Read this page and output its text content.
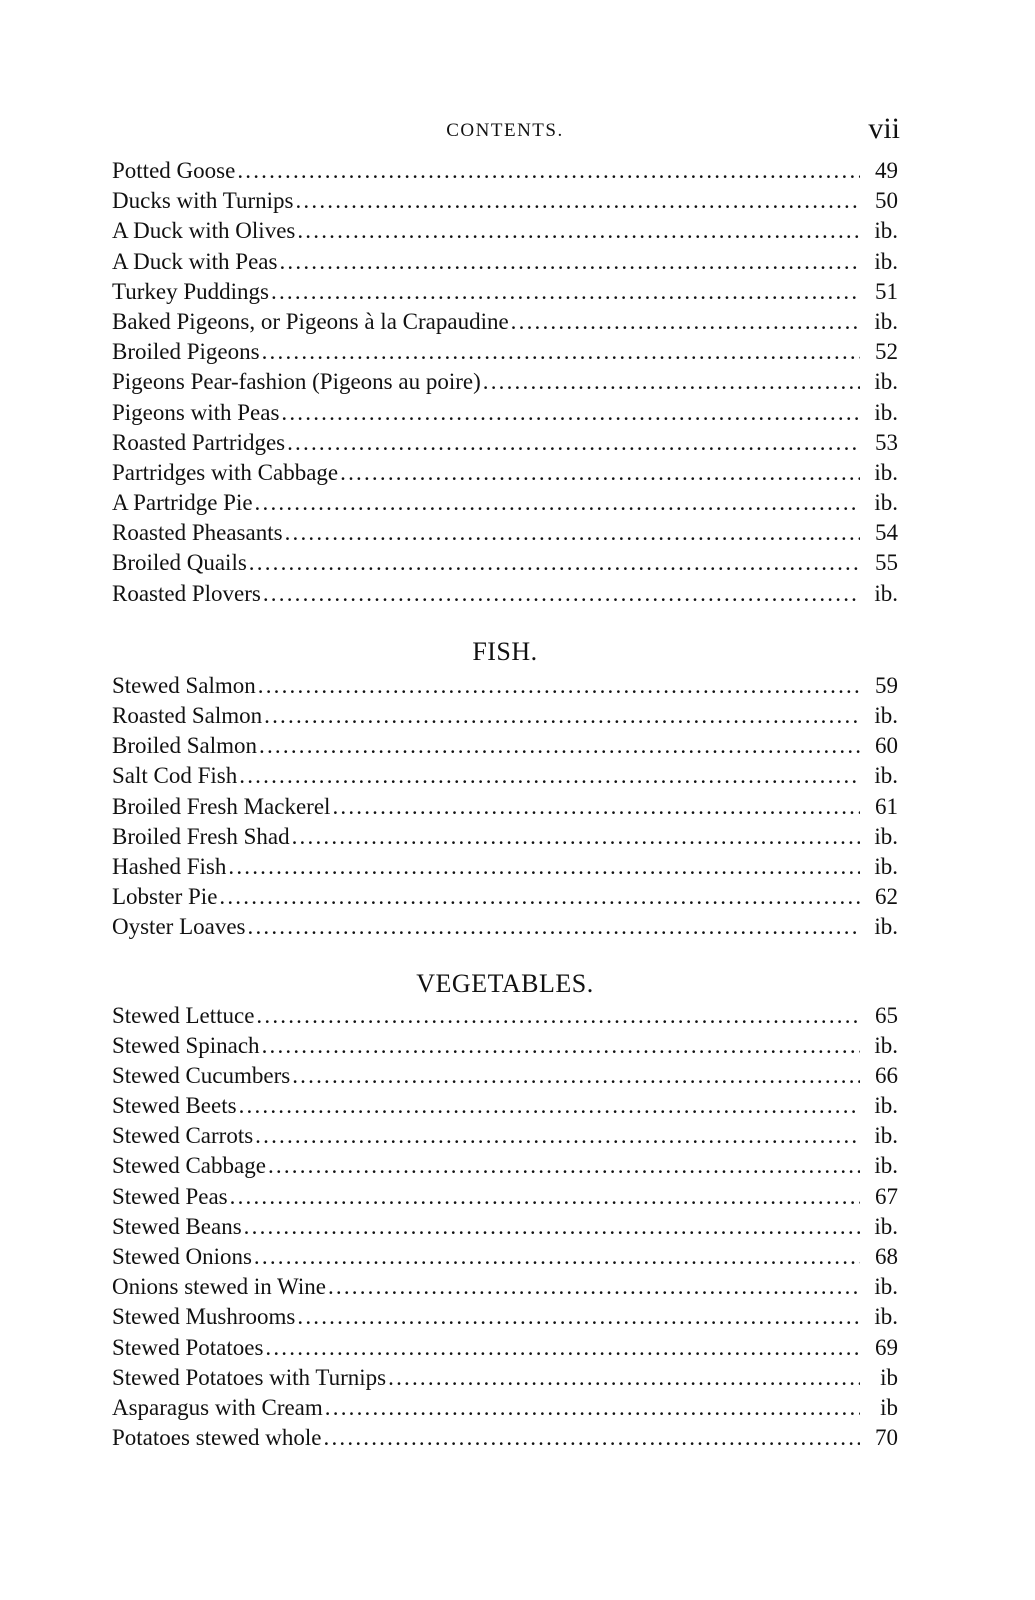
CONTENTS.	vii
Potted Goose .....	49
Ducks with Turnips .....	50
A Duck with Olives .....	ib.
A Duck with Peas .....	ib.
Turkey Puddings .....	51
Baked Pigeons, or Pigeons à la Crapaudine .....	ib.
Broiled Pigeons .....	52
Pigeons Pear-fashion (Pigeons au poire) .....	ib.
Pigeons with Peas .....	ib.
Roasted Partridges .....	53
Partridges with Cabbage .....	ib.
A Partridge Pie .....	ib.
Roasted Pheasants .....	54
Broiled Quails .....	55
Roasted Plovers .....	ib.
FISH.
Stewed Salmon .....	59
Roasted Salmon .....	ib.
Broiled Salmon .....	60
Salt Cod Fish .....	ib.
Broiled Fresh Mackerel .....	61
Broiled Fresh Shad .....	ib.
Hashed Fish .....	ib.
Lobster Pie .....	62
Oyster Loaves .....	ib.
VEGETABLES.
Stewed Lettuce .....	65
Stewed Spinach .....	ib.
Stewed Cucumbers .....	66
Stewed Beets .....	ib.
Stewed Carrots .....	ib.
Stewed Cabbage .....	ib.
Stewed Peas .....	67
Stewed Beans .....	ib.
Stewed Onions .....	68
Onions stewed in Wine .....	ib.
Stewed Mushrooms .....	ib.
Stewed Potatoes .....	69
Stewed Potatoes with Turnips .....	ib
Asparagus with Cream .....	ib
Potatoes stewed whole .....	70
